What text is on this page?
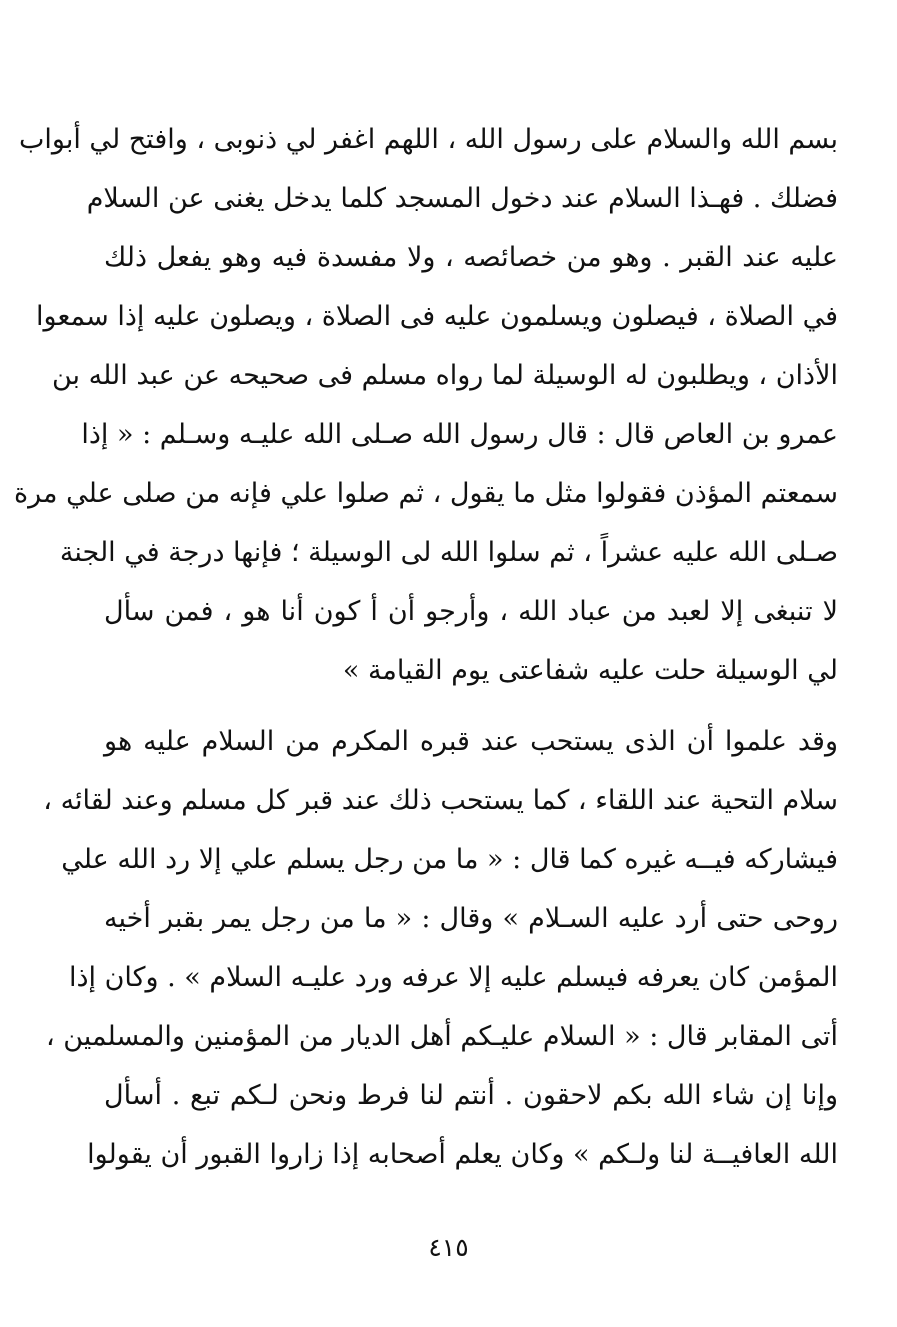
بسم الله والسلام على رسول الله ، اللهم اغفر لي ذنوبى ، وافتح لي أبواب
فضلك . فهـذا السلام عند دخول المسجد كلما يدخل يغنى عن السلام
عليه عند القبر . وهو من خصائصه ، ولا مفسدة فيه وهو يفعل ذلك
في الصلاة ، فيصلون ويسلمون عليه فى الصلاة ، ويصلون عليه إذا سمعوا
الأذان ، ويطلبون له الوسيلة لما رواه مسلم فى صحيحه عن عبد الله بن
عمرو بن العاص قال : قال رسول الله صـلى الله عليـه وسـلم : « إذا
سمعتم المؤذن فقولوا مثل ما يقول ، ثم صلوا علي فإنه من صلى علي مرة
صـلى الله عليه عشراً ، ثم سلوا الله لى الوسيلة ؛ فإنها درجة في الجنة
لا تنبغى إلا لعبد من عباد الله ، وأرجو أن أ كون أنا هو ، فمن سأل
لي الوسيلة حلت عليه شفاعتى يوم القيامة »
وقد علموا أن الذى يستحب عند قبره المكرم من السلام عليه هو
سلام التحية عند اللقاء ، كما يستحب ذلك عند قبر كل مسلم وعند لقائه ،
فيشاركه فيــه غيره كما قال : « ما من رجل يسلم علي إلا رد الله علي
روحى حتى أرد عليه السـلام » وقال : « ما من رجل يمر بقبر أخيه
المؤمن كان يعرفه فيسلم عليه إلا عرفه ورد عليـه السلام » . وكان إذا
أتى المقابر قال : « السلام عليـكم أهل الديار من المؤمنين والمسلمين ،
وإنا إن شاء الله بكم لاحقون . أنتم لنا فرط ونحن لـكم تبع . أسأل
الله العافيــة لنا ولـكم » وكان يعلم أصحابه إذا زاروا القبور أن يقولوا
٤١٥
